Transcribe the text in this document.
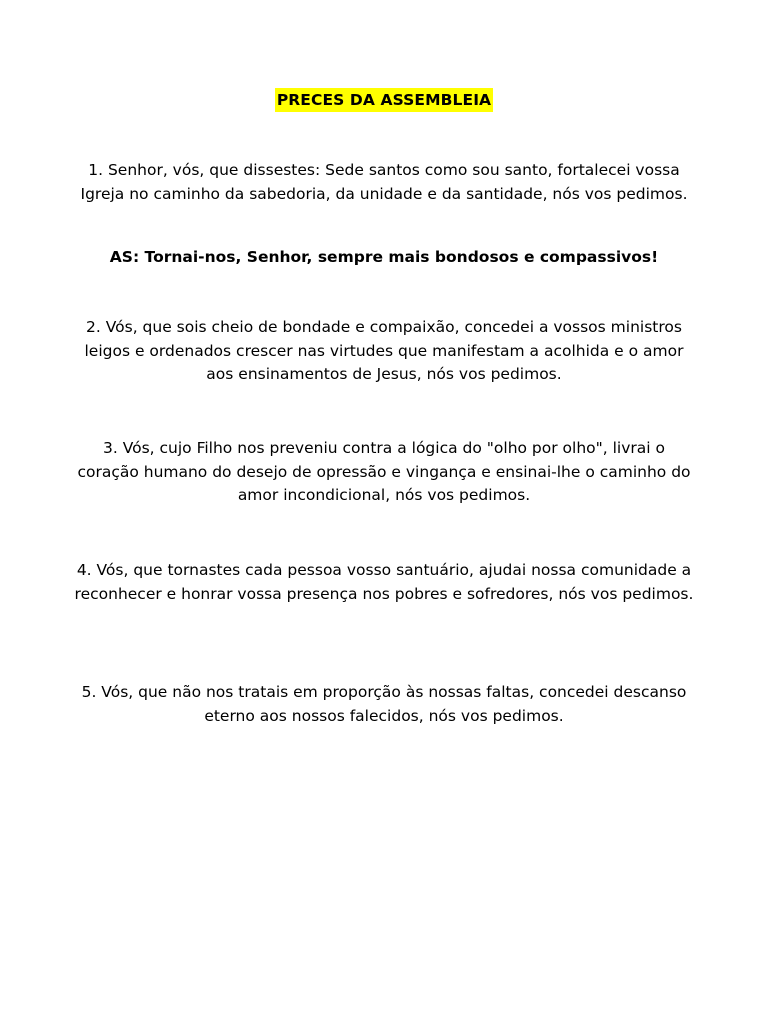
PRECES DA ASSEMBLEIA

1. Senhor, vós, que dissestes: Sede santos como sou santo, fortalecei vossa Igreja no caminho da sabedoria, da unidade e da santidade, nós vos pedimos.

AS: Tornai-nos, Senhor, sempre mais bondosos e compassivos!

2. Vós, que sois cheio de bondade e compaixão, concedei a vossos ministros leigos e ordenados crescer nas virtudes que manifestam a acolhida e o amor aos ensinamentos de Jesus, nós vos pedimos.

3. Vós, cujo Filho nos preveniu contra a lógica do "olho por olho", livrai o coração humano do desejo de opressão e vingança e ensinai-lhe o caminho do amor incondicional, nós vos pedimos.

4. Vós, que tornastes cada pessoa vosso santuário, ajudai nossa comunidade a reconhecer e honrar vossa presença nos pobres e sofredores, nós vos pedimos.

5. Vós, que não nos tratais em proporção às nossas faltas, concedei descanso eterno aos nossos falecidos, nós vos pedimos.
